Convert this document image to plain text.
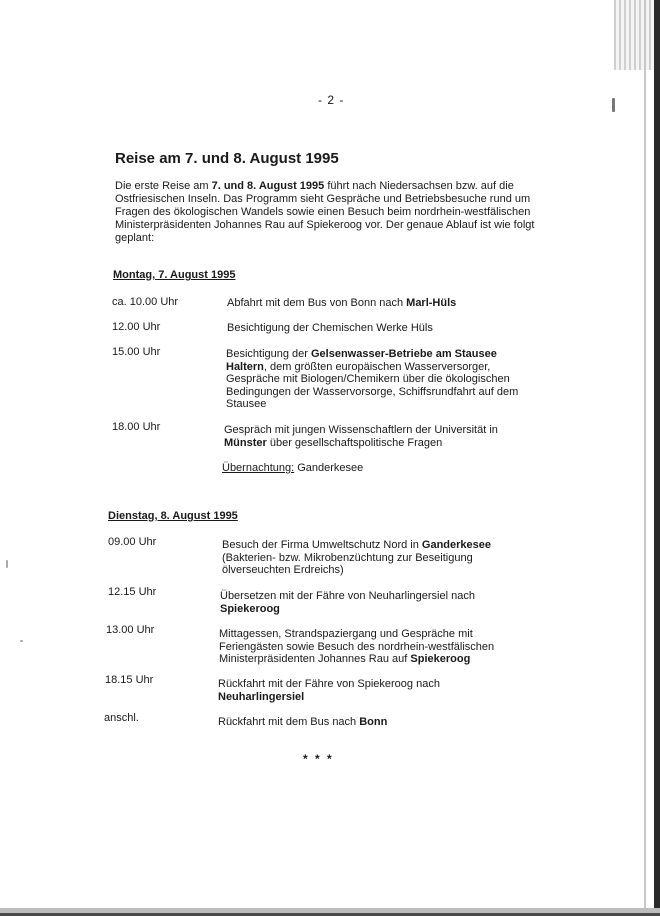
- 2 -
Reise am 7. und 8. August 1995

Die erste Reise am 7. und 8. August 1995 führt nach Niedersachsen bzw. auf die Ostfriesischen Inseln. Das Programm sieht Gespräche und Betriebsbesuche rund um Fragen des ökologischen Wandels sowie einen Besuch beim nordrhein-westfälischen Ministerpräsidenten Johannes Rau auf Spiekeroog vor. Der genaue Ablauf ist wie folgt geplant:

Montag, 7. August 1995
ca. 10.00 Uhr	Abfahrt mit dem Bus von Bonn nach Marl-Hüls
12.00 Uhr	Besichtigung der Chemischen Werke Hüls
15.00 Uhr	Besichtigung der Gelsenwasser-Betriebe am Stausee Haltern, dem größten europäischen Wasserversorger, Gespräche mit Biologen/Chemikern über die ökologischen Bedingungen der Wasservorsorge, Schiffsrundfahrt auf dem Stausee
18.00 Uhr	Gespräch mit jungen Wissenschaftlern der Universität in Münster über gesellschaftspolitische Fragen
Übernachtung: Ganderkesee
Dienstag, 8. August 1995
09.00 Uhr	Besuch der Firma Umweltschutz Nord in Ganderkesee (Bakterien- bzw. Mikrobenzüchtung zur Beseitigung ölverseuchten Erdreichs)
12.15 Uhr	Übersetzen mit der Fähre von Neuharlingersiel nach Spiekeroog
13.00 Uhr	Mittagessen, Strandspaziergang und Gespräche mit Feriengästen sowie Besuch des nordrhein-westfälischen Ministerpräsidenten Johannes Rau auf Spiekeroog
18.15 Uhr	Rückfahrt mit der Fähre von Spiekeroog nach Neuharlingersiel
anschl.	Rückfahrt mit dem Bus nach Bonn
* * *
